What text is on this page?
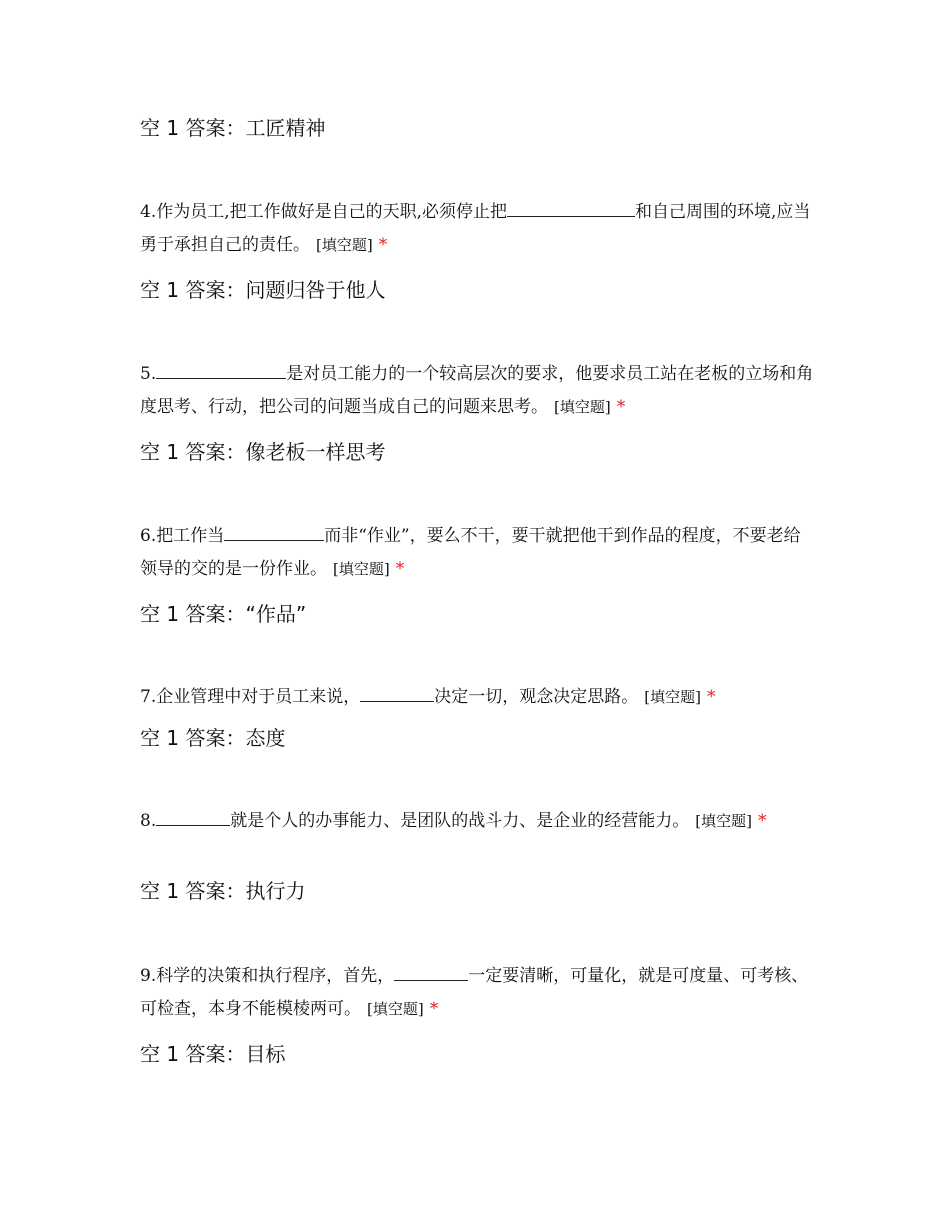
空 1 答案：工匠精神
4.作为员工,把工作做好是自己的天职,必须停止把	和自己周围的环境,应当勇于承担自己的责任。 [填空题] *
空 1 答案：问题归咎于他人
5.	是对员工能力的一个较高层次的要求，他要求员工站在老板的立场和角度思考、行动，把公司的问题当成自己的问题来思考。 [填空题] *
空 1 答案：像老板一样思考
6.把工作当	而非“作业”，要么不干，要干就把他干到作品的程度，不要老给领导的交的是一份作业。 [填空题] *
空 1 答案：“作品”
7.企业管理中对于员工来说，	决定一切，观念决定思路。 [填空题] *
空 1 答案：态度
8.	就是个人的办事能力、是团队的战斗力、是企业的经营能力。 [填空题] *
空 1 答案：执行力
9.科学的决策和执行程序，首先，	一定要清晰，可量化，就是可度量、可考核、可检查，本身不能模棱两可。 [填空题] *
空 1 答案：目标
